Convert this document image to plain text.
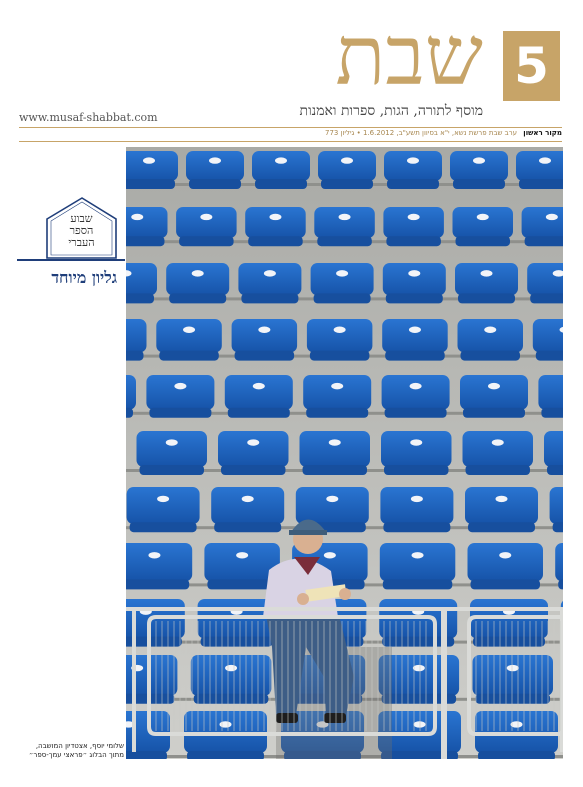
5
שבת
מוסף לתורה, הגות, ספרות ואמנות
www.musaf-shabbat.com
מקור ראשון ערב שבת פרשת נשא, י"א בסיוון תשע"ב, 1.6.2012 • גיליון 773
שבוע
הספר
העברי
גליון מיוחד
שלומי יוסף, אצטדיון המושבה,
מתוך הבלוג ״פראצי עמך-ספר״
